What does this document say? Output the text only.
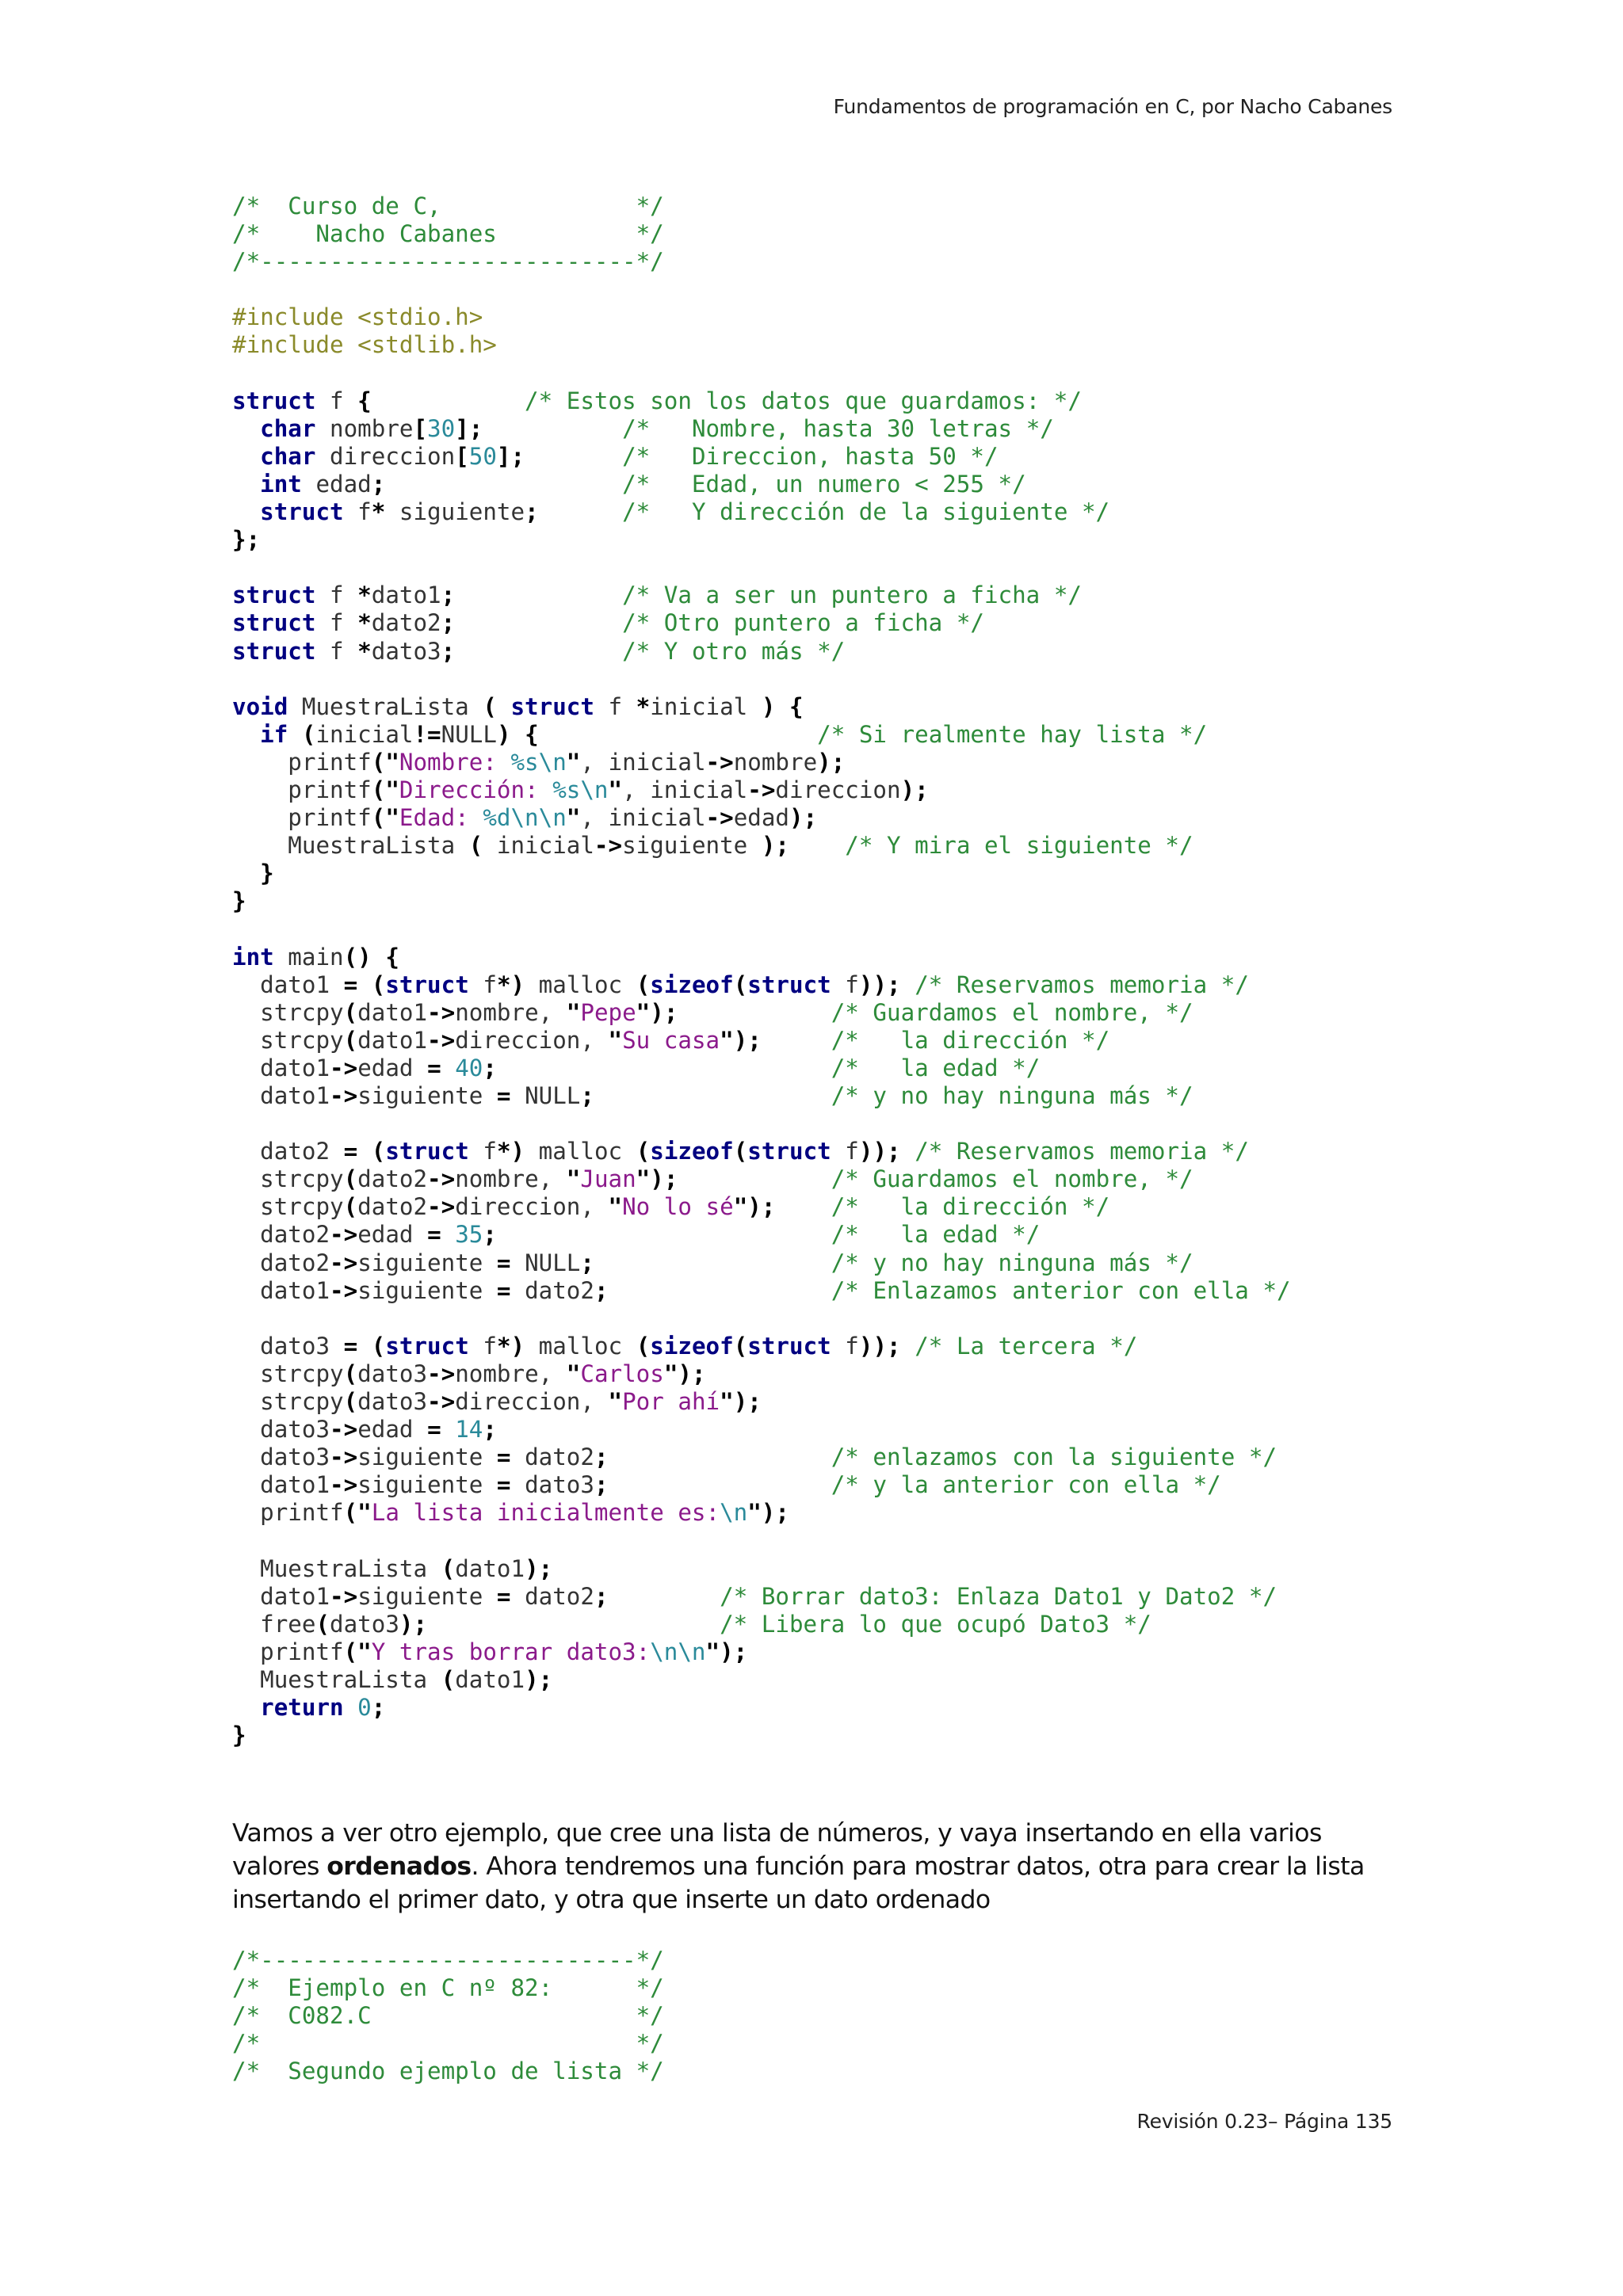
Fundamentos de programación en C, por Nacho Cabanes
/*  Curso de C,              */
/*    Nacho Cabanes          */
/*---------------------------*/
#include <stdio.h>
#include <stdlib.h>
struct f {	/* Estos son los datos que guardamos: */
char nombre[30];	/*   Nombre, hasta 30 letras */
char direccion[50];	/*   Direccion, hasta 50 */
int edad;	/*   Edad, un numero < 255 */
struct f* siguiente;	/*   Y dirección de la siguiente */
};
struct f *dato1;	/* Va a ser un puntero a ficha */
struct f *dato2;	/* Otro puntero a ficha */
struct f *dato3;	/* Y otro más */
void MuestraLista ( struct f *inicial ) {
if (inicial!=NULL) {	/* Si realmente hay lista */
printf("Nombre: %s\n", inicial->nombre);
printf("Dirección: %s\n", inicial->direccion);
printf("Edad: %d\n\n", inicial->edad);
MuestraLista ( inicial->siguiente ); /* Y mira el siguiente */
}
}
int main() {
dato1 = (struct f*) malloc (sizeof(struct f)); /* Reservamos memoria */
strcpy(dato1->nombre, "Pepe");	/* Guardamos el nombre, */
strcpy(dato1->direccion, "Su casa");	/*   la dirección */
dato1->edad = 40;	/*   la edad */
dato1->siguiente = NULL;	/* y no hay ninguna más */
dato2 = (struct f*) malloc (sizeof(struct f)); /* Reservamos memoria */
strcpy(dato2->nombre, "Juan");	/* Guardamos el nombre, */
strcpy(dato2->direccion, "No lo sé"); /*   la dirección */
dato2->edad = 35;	/*   la edad */
dato2->siguiente = NULL;	/* y no hay ninguna más */
dato1->siguiente = dato2;	/* Enlazamos anterior con ella */
dato3 = (struct f*) malloc (sizeof(struct f)); /* La tercera */
strcpy(dato3->nombre, "Carlos");
strcpy(dato3->direccion, "Por ahí");
dato3->edad = 14;
dato3->siguiente = dato2;	/* enlazamos con la siguiente */
dato1->siguiente = dato3;	/* y la anterior con ella */
printf("La lista inicialmente es:\n");
MuestraLista (dato1);
dato1->siguiente = dato2;	/* Borrar dato3: Enlaza Dato1 y Dato2 */
free(dato3);	/* Libera lo que ocupó Dato3 */
printf("Y tras borrar dato3:\n\n");
MuestraLista (dato1);
return 0;
}

Vamos a ver otro ejemplo, que cree una lista de números, y vaya insertando en ella varios valores ordenados. Ahora tendremos una función para mostrar datos, otra para crear la lista insertando el primer dato, y otra que inserte un dato ordenado

/*---------------------------*/
/*  Ejemplo en C nº 82:      */
/*  C082.C                   */
/*                           */
/*  Segundo ejemplo de lista */
Revisión 0.23– Página 135
